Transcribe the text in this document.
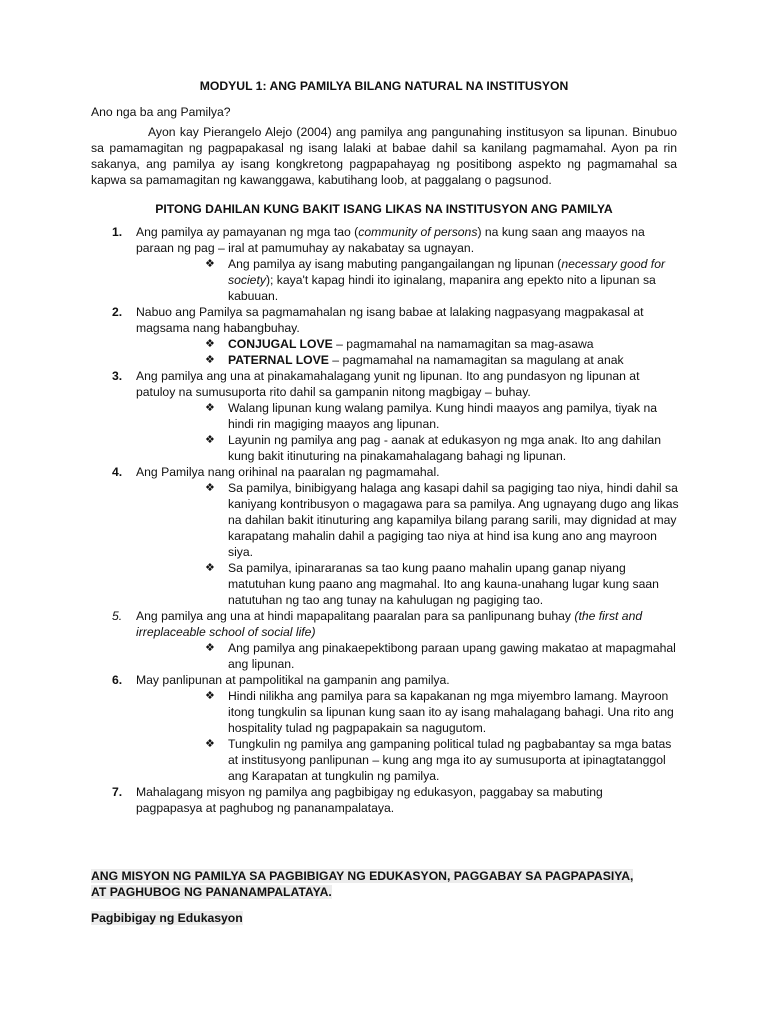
MODYUL 1: ANG PAMILYA BILANG NATURAL NA INSTITUSYON
Ano nga ba ang Pamilya?
Ayon kay Pierangelo Alejo (2004) ang pamilya ang pangunahing institusyon sa lipunan. Binubuo sa pamamagitan ng pagpapakasal ng isang lalaki at babae dahil sa kanilang pagmamahal. Ayon pa rin sakanya, ang pamilya ay isang kongkretong pagpapahayag ng positibong aspekto ng pagmamahal sa kapwa sa pamamagitan ng kawanggawa, kabutihang loob, at paggalang o pagsunod.
PITONG DAHILAN KUNG BAKIT ISANG LIKAS NA INSTITUSYON ANG PAMILYA
1. Ang pamilya ay pamayanan ng mga tao (community of persons) na kung saan ang maayos na paraan ng pag – iral at pamumuhay ay nakabatay sa ugnayan.
❖ Ang pamilya ay isang mabuting pangangailangan ng lipunan (necessary good for society); kaya't kapag hindi ito iginalang, mapanira ang epekto nito a lipunan sa kabuuan.
2. Nabuo ang Pamilya sa pagmamahalan ng isang babae at lalaking nagpasyang magpakasal at magsama nang habangbuhay.
❖ CONJUGAL LOVE – pagmamahal na namamagitan sa mag-asawa
❖ PATERNAL LOVE – pagmamahal na namamagitan sa magulang at anak
3. Ang pamilya ang una at pinakamahalagang yunit ng lipunan. Ito ang pundasyon ng lipunan at patuloy na sumusuporta rito dahil sa gampanin nitong magbigay – buhay.
❖ Walang lipunan kung walang pamilya. Kung hindi maayos ang pamilya, tiyak na hindi rin magiging maayos ang lipunan.
❖ Layunin ng pamilya ang pag - aanak at edukasyon ng mga anak. Ito ang dahilan kung bakit itinuturing na pinakamahalagang bahagi ng lipunan.
4. Ang Pamilya nang orihinal na paaralan ng pagmamahal.
❖ Sa pamilya, binibigyang halaga ang kasapi dahil sa pagiging tao niya, hindi dahil sa kaniyang kontribusyon o magagawa para sa pamilya. Ang ugnayang dugo ang likas na dahilan bakit itinuturing ang kapamilya bilang parang sarili, may dignidad at may karapatang mahalin dahil a pagiging tao niya at hind isa kung ano ang mayroon siya.
❖ Sa pamilya, ipinararanas sa tao kung paano mahalin upang ganap niyang matutuhan kung paano ang magmahal. Ito ang kauna-unahang lugar kung saan natutuhan ng tao ang tunay na kahulugan ng pagiging tao.
5. Ang pamilya ang una at hindi mapapalitang paaralan para sa panlipunang buhay (the first and irreplaceable school of social life)
❖ Ang pamilya ang pinakaepektibong paraan upang gawing makatao at mapagmahal ang lipunan.
6. May panlipunan at pampolitikal na gampanin ang pamilya.
❖ Hindi nilikha ang pamilya para sa kapakanan ng mga miyembro lamang. Mayroon itong tungkulin sa lipunan kung saan ito ay isang mahalagang bahagi. Una rito ang hospitality tulad ng pagpapakain sa nagugutom.
❖ Tungkulin ng pamilya ang gampaning political tulad ng pagbabantay sa mga batas at institusyong panlipunan – kung ang mga ito ay sumusuporta at ipinagtatanggol ang Karapatan at tungkulin ng pamilya.
7. Mahalagang misyon ng pamilya ang pagbibigay ng edukasyon, paggabay sa mabuting pagpapasya at paghubog ng pananampalataya.
ANG MISYON NG PAMILYA SA PAGBIBIGAY NG EDUKASYON, PAGGABAY SA PAGPAPASIYA, AT PAGHUBOG NG PANANAMPALATAYA.
Pagbibigay ng Edukasyon
